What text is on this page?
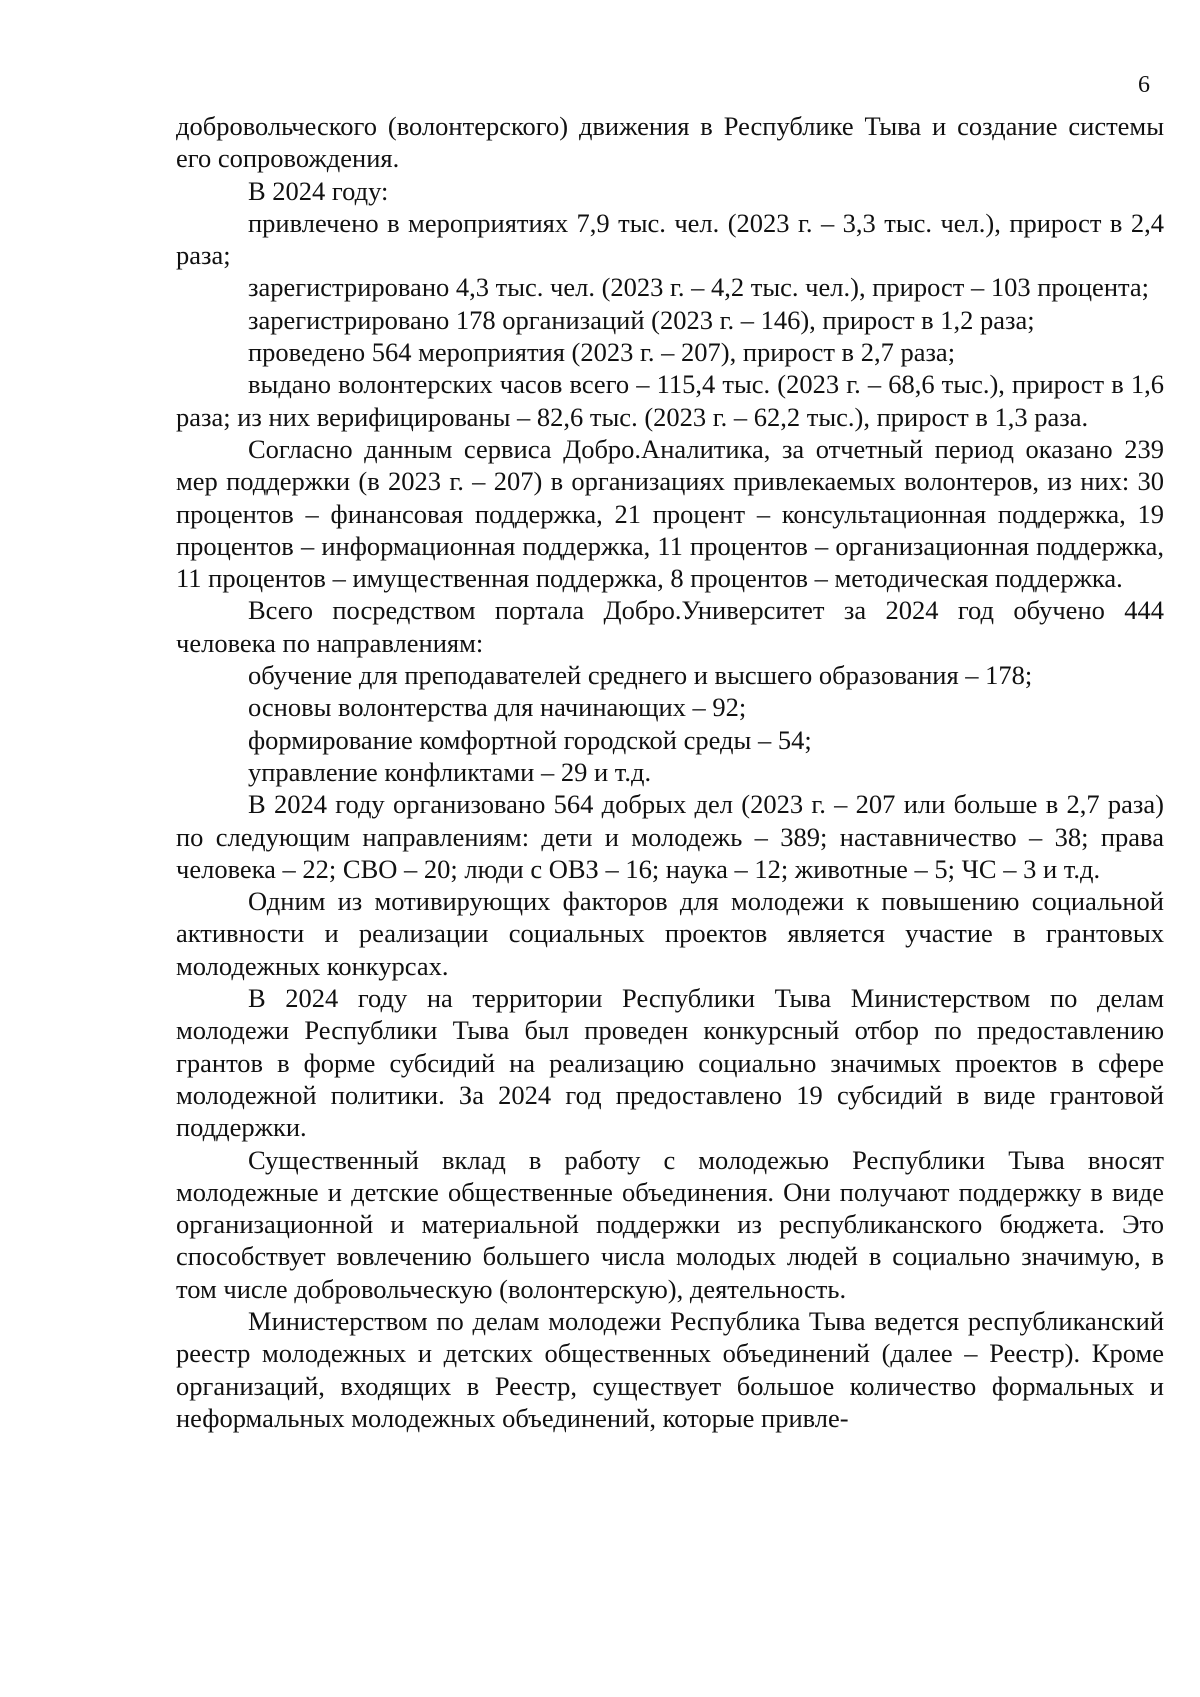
6

добровольческого (волонтерского) движения в Республике Тыва и создание системы его сопровождения.

В 2024 году:

привлечено в мероприятиях 7,9 тыс. чел. (2023 г. – 3,3 тыс. чел.), прирост в 2,4 раза;

зарегистрировано 4,3 тыс. чел. (2023 г. – 4,2 тыс. чел.), прирост – 103 процента;

зарегистрировано 178 организаций (2023 г. – 146), прирост в 1,2 раза;

проведено 564 мероприятия (2023 г. – 207), прирост в 2,7 раза;

выдано волонтерских часов всего – 115,4 тыс. (2023 г. – 68,6 тыс.), прирост в 1,6 раза; из них верифицированы – 82,6 тыс. (2023 г. – 62,2 тыс.), прирост в 1,3 раза.

Согласно данным сервиса Добро.Аналитика, за отчетный период оказано 239 мер поддержки (в 2023 г. – 207) в организациях привлекаемых волонтеров, из них: 30 процентов – финансовая поддержка, 21 процент – консультационная поддержка, 19 процентов – информационная поддержка, 11 процентов – организационная поддержка, 11 процентов – имущественная поддержка, 8 процентов – методическая поддержка.

Всего посредством портала Добро.Университет за 2024 год обучено 444 человека по направлениям:

обучение для преподавателей среднего и высшего образования – 178;

основы волонтерства для начинающих – 92;

формирование комфортной городской среды – 54;

управление конфликтами – 29 и т.д.

В 2024 году организовано 564 добрых дел (2023 г. – 207 или больше в 2,7 раза) по следующим направлениям: дети и молодежь – 389; наставничество – 38; права человека – 22; СВО – 20; люди с ОВЗ – 16; наука – 12; животные – 5; ЧС – 3 и т.д.

Одним из мотивирующих факторов для молодежи к повышению социальной активности и реализации социальных проектов является участие в грантовых молодежных конкурсах.

В 2024 году на территории Республики Тыва Министерством по делам молодежи Республики Тыва был проведен конкурсный отбор по предоставлению грантов в форме субсидий на реализацию социально значимых проектов в сфере молодежной политики. За 2024 год предоставлено 19 субсидий в виде грантовой поддержки.

Существенный вклад в работу с молодежью Республики Тыва вносят молодежные и детские общественные объединения. Они получают поддержку в виде организационной и материальной поддержки из республиканского бюджета. Это способствует вовлечению большего числа молодых людей в социально значимую, в том числе добровольческую (волонтерскую), деятельность.

Министерством по делам молодежи Республика Тыва ведется республиканский реестр молодежных и детских общественных объединений (далее – Реестр). Кроме организаций, входящих в Реестр, существует большое количество формальных и неформальных молодежных объединений, которые привле-
